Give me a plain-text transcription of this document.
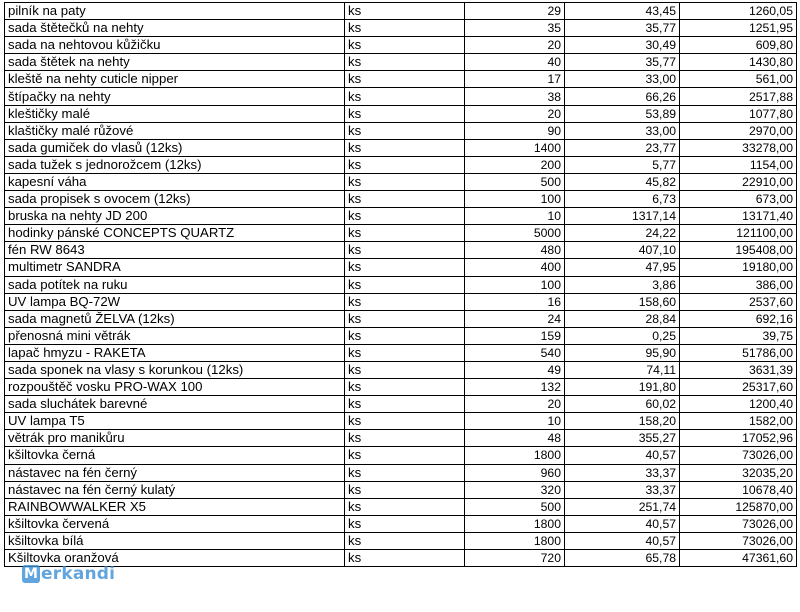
pilník na paty	ks	29	43,45	1260,05
sada štětečků na nehty	ks	35	35,77	1251,95
sada na nehtovou kůžičku	ks	20	30,49	609,80
sada štětek na nehty	ks	40	35,77	1430,80
kleště na nehty cuticle nipper	ks	17	33,00	561,00
štípačky na nehty	ks	38	66,26	2517,88
kleštičky malé	ks	20	53,89	1077,80
klaštičky malé růžové	ks	90	33,00	2970,00
sada gumiček do vlasů (12ks)	ks	1400	23,77	33278,00
sada tužek s jednorožcem (12ks)	ks	200	5,77	1154,00
kapesní váha	ks	500	45,82	22910,00
sada propisek s ovocem (12ks)	ks	100	6,73	673,00
bruska na nehty JD 200	ks	10	1317,14	13171,40
hodinky pánské CONCEPTS QUARTZ	ks	5000	24,22	121100,00
fén RW 8643	ks	480	407,10	195408,00
multimetr SANDRA	ks	400	47,95	19180,00
sada potítek na ruku	ks	100	3,86	386,00
UV lampa BQ-72W	ks	16	158,60	2537,60
sada magnetů ŽELVA (12ks)	ks	24	28,84	692,16
přenosná mini větrák	ks	159	0,25	39,75
lapač hmyzu - RAKETA	ks	540	95,90	51786,00
sada sponek na vlasy s korunkou (12ks)	ks	49	74,11	3631,39
rozpouštěč vosku PRO-WAX 100	ks	132	191,80	25317,60
sada sluchátek barevné	ks	20	60,02	1200,40
UV lampa T5	ks	10	158,20	1582,00
větrák pro manikůru	ks	48	355,27	17052,96
kšiltovka černá	ks	1800	40,57	73026,00
nástavec na fén černý	ks	960	33,37	32035,20
nástavec na fén černý kulatý	ks	320	33,37	10678,40
RAINBOWWALKER X5	ks	500	251,74	125870,00
kšiltovka červená	ks	1800	40,57	73026,00
kšiltovka bílá	ks	1800	40,57	73026,00
Kšiltovka oranžová	ks	720	65,78	47361,60
M erkandi
